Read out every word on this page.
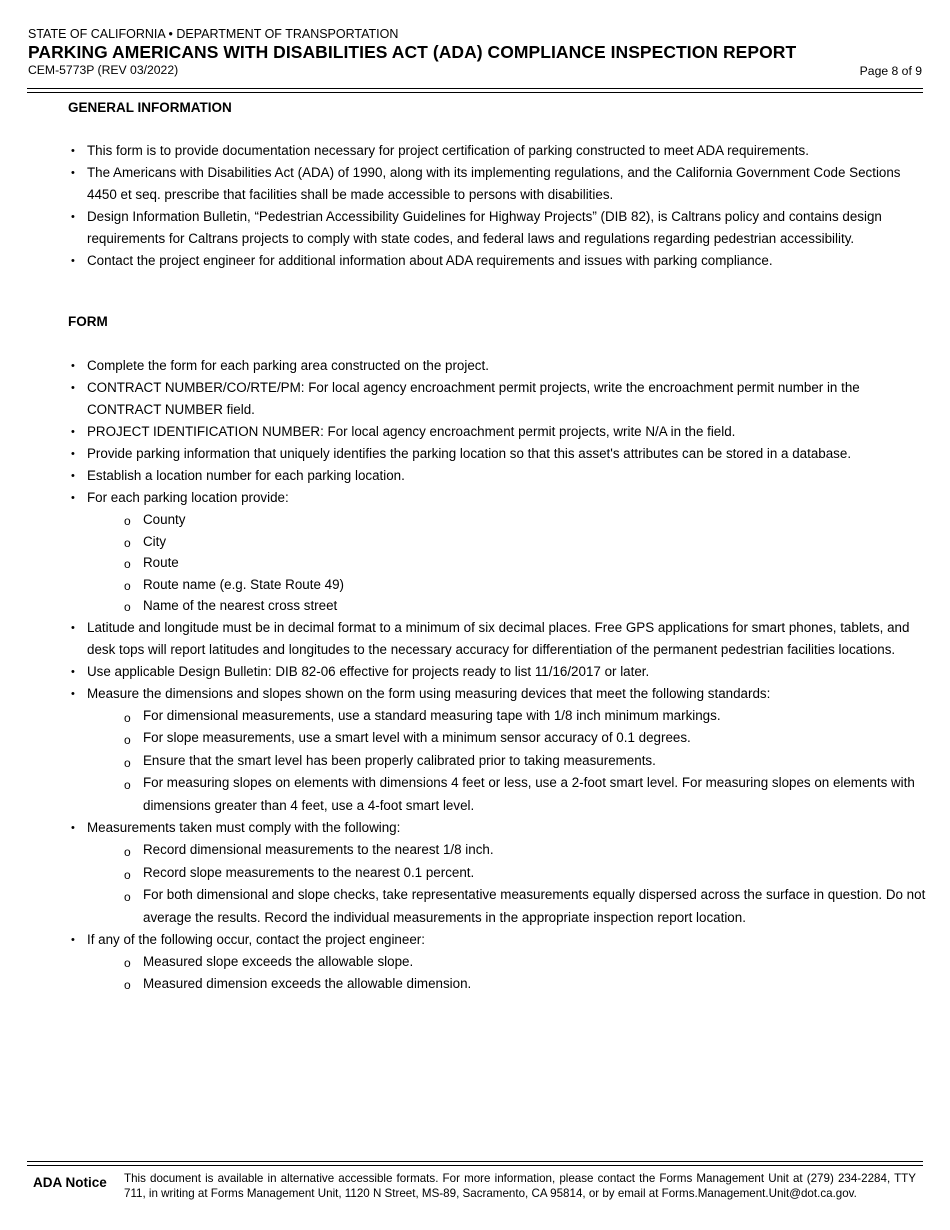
STATE OF CALIFORNIA • DEPARTMENT OF TRANSPORTATION
PARKING AMERICANS WITH DISABILITIES ACT (ADA) COMPLIANCE INSPECTION REPORT
CEM-5773P (REV 03/2022)	Page 8 of 9
GENERAL INFORMATION
• This form is to provide documentation necessary for project certification of parking constructed to meet ADA requirements.
• The Americans with Disabilities Act (ADA) of 1990, along with its implementing regulations, and the California Government Code Sections 4450 et seq. prescribe that facilities shall be made accessible to persons with disabilities.
• Design Information Bulletin, “Pedestrian Accessibility Guidelines for Highway Projects” (DIB 82), is Caltrans policy and contains design requirements for Caltrans projects to comply with state codes, and federal laws and regulations regarding pedestrian accessibility.
• Contact the project engineer for additional information about ADA requirements and issues with parking compliance.
FORM
• Complete the form for each parking area constructed on the project.
• CONTRACT NUMBER/CO/RTE/PM: For local agency encroachment permit projects, write the encroachment permit number in the CONTRACT NUMBER field.
• PROJECT IDENTIFICATION NUMBER: For local agency encroachment permit projects, write N/A in the field.
• Provide parking information that uniquely identifies the parking location so that this asset's attributes can be stored in a database.
• Establish a location number for each parking location.
• For each parking location provide:
o County
o City
o Route
o Route name (e.g. State Route 49)
o Name of the nearest cross street
• Latitude and longitude must be in decimal format to a minimum of six decimal places. Free GPS applications for smart phones, tablets, and desk tops will report latitudes and longitudes to the necessary accuracy for differentiation of the permanent pedestrian facilities locations.
• Use applicable Design Bulletin: DIB 82-06 effective for projects ready to list 11/16/2017 or later.
• Measure the dimensions and slopes shown on the form using measuring devices that meet the following standards:
o For dimensional measurements, use a standard measuring tape with 1/8 inch minimum markings.
o For slope measurements, use a smart level with a minimum sensor accuracy of 0.1 degrees.
o Ensure that the smart level has been properly calibrated prior to taking measurements.
o For measuring slopes on elements with dimensions 4 feet or less, use a 2-foot smart level. For measuring slopes on elements with dimensions greater than 4 feet, use a 4-foot smart level.
• Measurements taken must comply with the following:
o Record dimensional measurements to the nearest 1/8 inch.
o Record slope measurements to the nearest 0.1 percent.
o For both dimensional and slope checks, take representative measurements equally dispersed across the surface in question. Do not average the results. Record the individual measurements in the appropriate inspection report location.
• If any of the following occur, contact the project engineer:
o Measured slope exceeds the allowable slope.
o Measured dimension exceeds the allowable dimension.
ADA Notice This document is available in alternative accessible formats. For more information, please contact the Forms Management Unit at (279) 234-2284, TTY 711, in writing at Forms Management Unit, 1120 N Street, MS-89, Sacramento, CA 95814, or by email at Forms.Management.Unit@dot.ca.gov.
